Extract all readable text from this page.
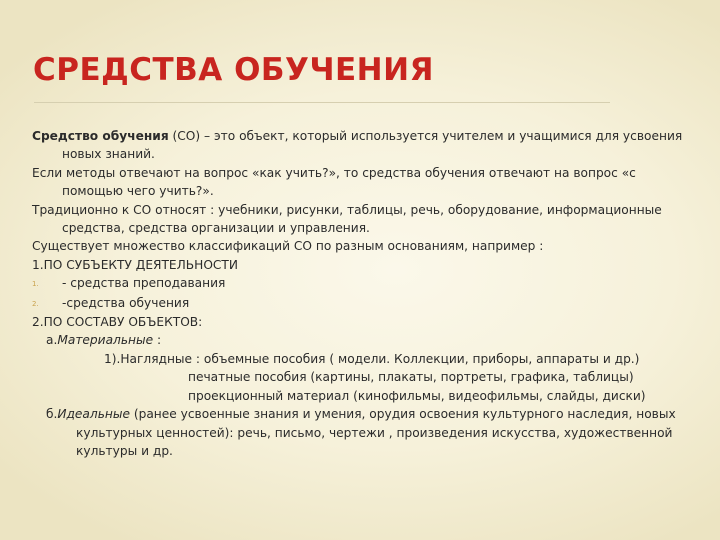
СРЕДСТВА ОБУЧЕНИЯ

Средство обучения (СО) – это объект, который используется учителем и учащимися для усвоения новых знаний.

Если методы отвечают на вопрос «как учить?», то средства обучения отвечают на вопрос «с помощью чего учить?».

Традиционно к СО относят : учебники, рисунки, таблицы, речь, оборудование, информационные средства, средства организации и управления.

Существует множество классификаций СО по разным основаниям, например :

1.ПО СУБЪЕКТУ ДЕЯТЕЛЬНОСТИ

1. - средства преподавания
2. -средства обучения

2.ПО СОСТАВУ ОБЪЕКТОВ:

а.Материальные :

1).Наглядные : объемные пособия ( модели. Коллекции, приборы, аппараты и др.)

печатные пособия (картины, плакаты, портреты, графика, таблицы)

проекционный материал (кинофильмы, видеофильмы, слайды, диски)

б.Идеальные (ранее усвоенные знания и умения, орудия освоения культурного наследия, новых культурных ценностей): речь, письмо, чертежи , произведения искусства, художественной культуры и др.
